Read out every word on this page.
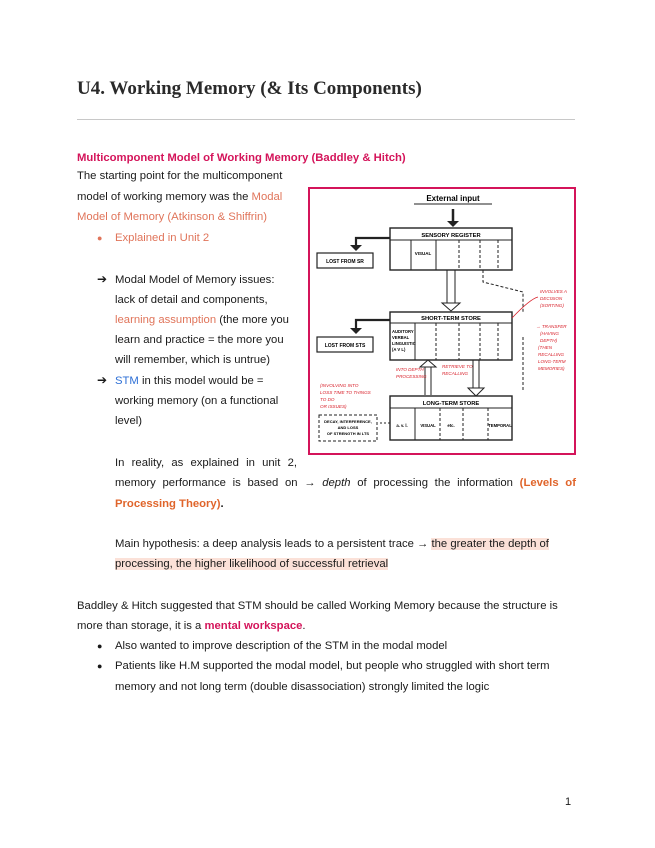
U4. Working Memory (& Its Components)
Multicomponent Model of Working Memory (Baddley & Hitch)
The starting point for the multicomponent
model of working memory was the Modal
Model of Memory (Atkinson & Shiffrin)
● Explained in Unit 2
➔ Modal Model of Memory issues:
lack of detail and components,
learning assumption (the more you
learn and practice = the more you
will remember, which is untrue)
➔ STM in this model would be =
working memory (on a functional
level)
In reality, as explained in unit 2,
memory performance is based on → depth of processing the information (Levels of
Processing Theory).
Main hypothesis: a deep analysis leads to a persistent trace → the greater the depth of
processing, the higher likelihood of successful retrieval
Baddley & Hitch suggested that STM should be called Working Memory because the structure is
more than storage, it is a mental workspace.
● Also wanted to improve description of the STM in the modal model
● Patients like H.M supported the modal model, but people who struggled with short term
memory and not long term (double disassociation) strongly limited the logic
External input
SENSORY REGISTER
VISUAL
LOST FROM SR
SHORT-TERM STORE
AUDITORY
VERBAL
LINGUISTIC
(A V L)
LOST FROM STS
LONG-TERM STORE
a. v. l.	VISUAL	etc.	TEMPORAL
DECAY, INTERFERENCE,
AND LOSS
OF STRENGTH IN LTS
INVOLVES A
DECISION
(SORTING)
→ TRANSFER
(HAVING
DEPTH)
(THEN
RECALLING
LONG-TERM
MEMORIES)
(INVOLVING INTO
LOSS TIME TO THINGS
TO DO
OR ISSUES)
INTO DEPTH
PROCESSING
RETRIEVE TO
RECALLING
1
